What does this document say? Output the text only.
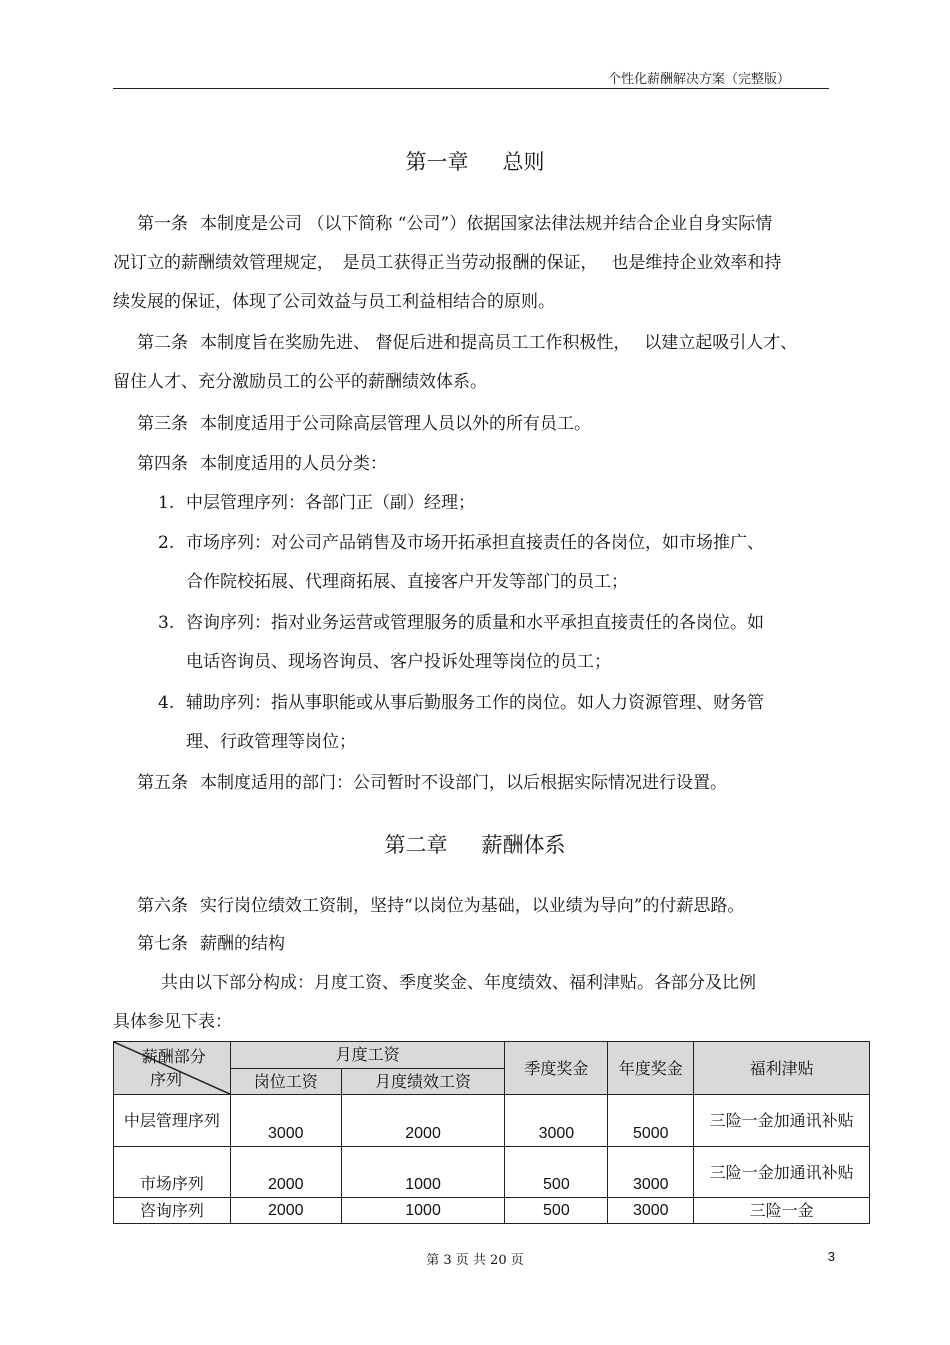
个性化薪酬解决方案（完整版）
第一章 总则
第一条 本制度是公司 （以下简称 “公司”）依据国家法律法规并结合企业自身实际情
况订立的薪酬绩效管理规定，　是员工获得正当劳动报酬的保证，　 也是维持企业效率和持
续发展的保证，体现了公司效益与员工利益相结合的原则。
第二条 本制度旨在奖励先进、 督促后进和提高员工工作积极性，　 以建立起吸引人才、
留住人才、充分激励员工的公平的薪酬绩效体系。
第三条 本制度适用于公司除高层管理人员以外的所有员工。
第四条 本制度适用的人员分类：
1. 中层管理序列：各部门正（副）经理；
2. 市场序列：对公司产品销售及市场开拓承担直接责任的各岗位，如市场推广、
合作院校拓展、代理商拓展、直接客户开发等部门的员工；
3. 咨询序列：指对业务运营或管理服务的质量和水平承担直接责任的各岗位。如
电话咨询员、现场咨询员、客户投诉处理等岗位的员工；
4. 辅助序列：指从事职能或从事后勤服务工作的岗位。如人力资源管理、财务管
理、行政管理等岗位；
第五条 本制度适用的部门：公司暂时不设部门，以后根据实际情况进行设置。
第二章 薪酬体系
第六条 实行岗位绩效工资制，坚持“以岗位为基础，以业绩为导向”的付薪思路。
第七条 薪酬的结构
共由以下部分构成：月度工资、季度奖金、年度绩效、福利津贴。各部分及比例
具体参见下表：
薪酬部分
序列	月度工资		季度奖金	年度奖金	福利津贴
	岗位工资	月度绩效工资			
中层管理序列	3000	2000	3000	5000	三险一金加通讯补贴
市场序列	2000	1000	500	3000	三险一金加通讯补贴
咨询序列	2000	1000	500	3000	三险一金
第 3 页 共 20 页	3
